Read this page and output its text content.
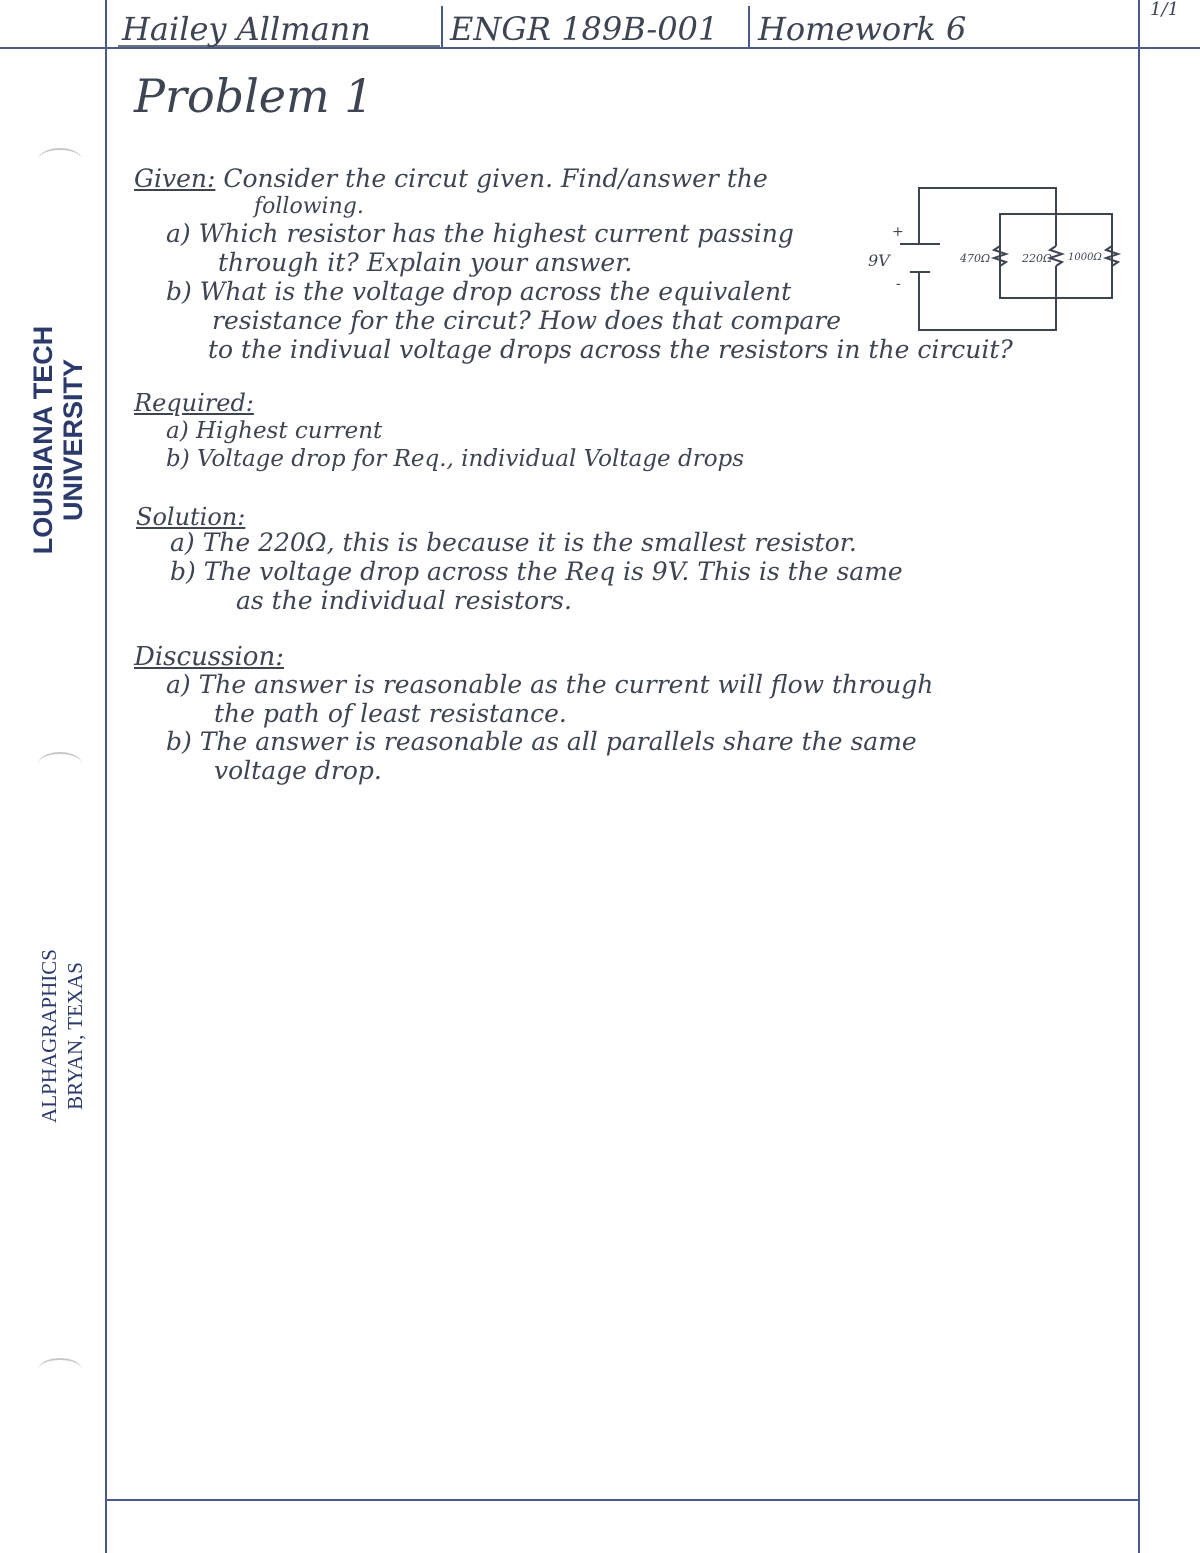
Hailey Allmann ENGR 189B-001 Homework 6
1/1
LOUISIANA TECH UNIVERSITY
ALPHAGRAPHICS BRYAN, TEXAS
Problem 1
Given: Consider the circut given. Find/answer the
following.
a) Which resistor has the highest current passing
through it? Explain your answer.
b) What is the voltage drop across the equivalent
resistance for the circut? How does that compare
to the indivual voltage drops across the resistors in the circuit?
+
-
9V	470Ω	220Ω 1000Ω
Required:
a) Highest current
b) Voltage drop for Req., individual Voltage drops
Solution:
a) The 220Ω, this is because it is the smallest resistor.
b) The voltage drop across the Req is 9V. This is the same
as the individual resistors.
Discussion:
a) The answer is reasonable as the current will flow through
the path of least resistance.
b) The answer is reasonable as all parallels share the same
voltage drop.
